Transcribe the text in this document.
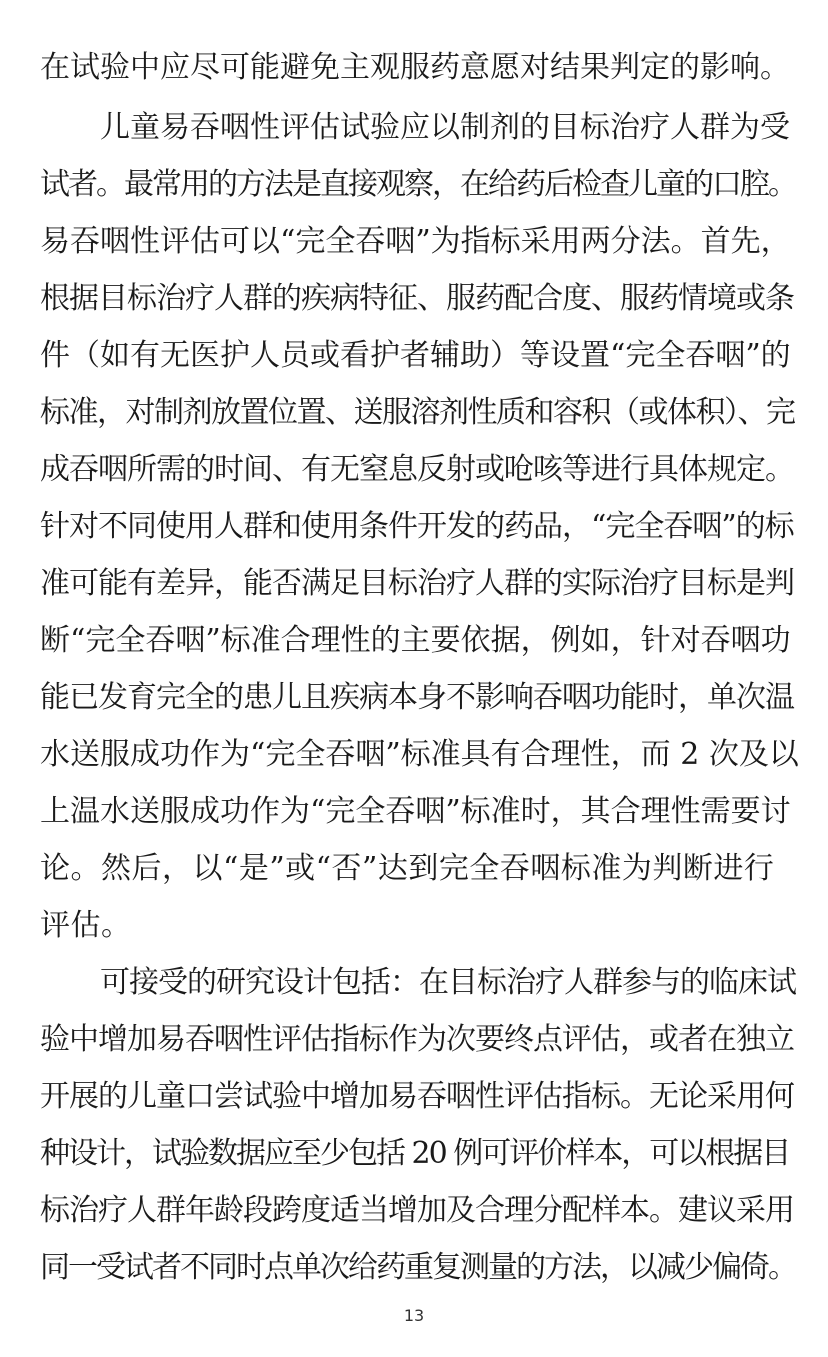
在试验中应尽可能避免主观服药意愿对结果判定的影响。
儿童易吞咽性评估试验应以制剂的目标治疗人群为受
试者。最常用的方法是直接观察，在给药后检查儿童的口腔。
易吞咽性评估可以“完全吞咽”为指标采用两分法。首先，
根据目标治疗人群的疾病特征、服药配合度、服药情境或条
件（如有无医护人员或看护者辅助）等设置“完全吞咽”的
标准，对制剂放置位置、送服溶剂性质和容积（或体积）、完
成吞咽所需的时间、有无窒息反射或呛咳等进行具体规定。
针对不同使用人群和使用条件开发的药品，“完全吞咽”的标
准可能有差异，能否满足目标治疗人群的实际治疗目标是判
断“完全吞咽”标准合理性的主要依据，例如，针对吞咽功
能已发育完全的患儿且疾病本身不影响吞咽功能时，单次温
水送服成功作为“完全吞咽”标准具有合理性，而 2 次及以
上温水送服成功作为“完全吞咽”标准时，其合理性需要讨
论。然后，以“是”或“否”达到完全吞咽标准为判断进行
评估。
可接受的研究设计包括：在目标治疗人群参与的临床试
验中增加易吞咽性评估指标作为次要终点评估，或者在独立
开展的儿童口尝试验中增加易吞咽性评估指标。无论采用何
种设计，试验数据应至少包括 20 例可评价样本，可以根据目
标治疗人群年龄段跨度适当增加及合理分配样本。建议采用
同一受试者不同时点单次给药重复测量的方法，以减少偏倚。
13
